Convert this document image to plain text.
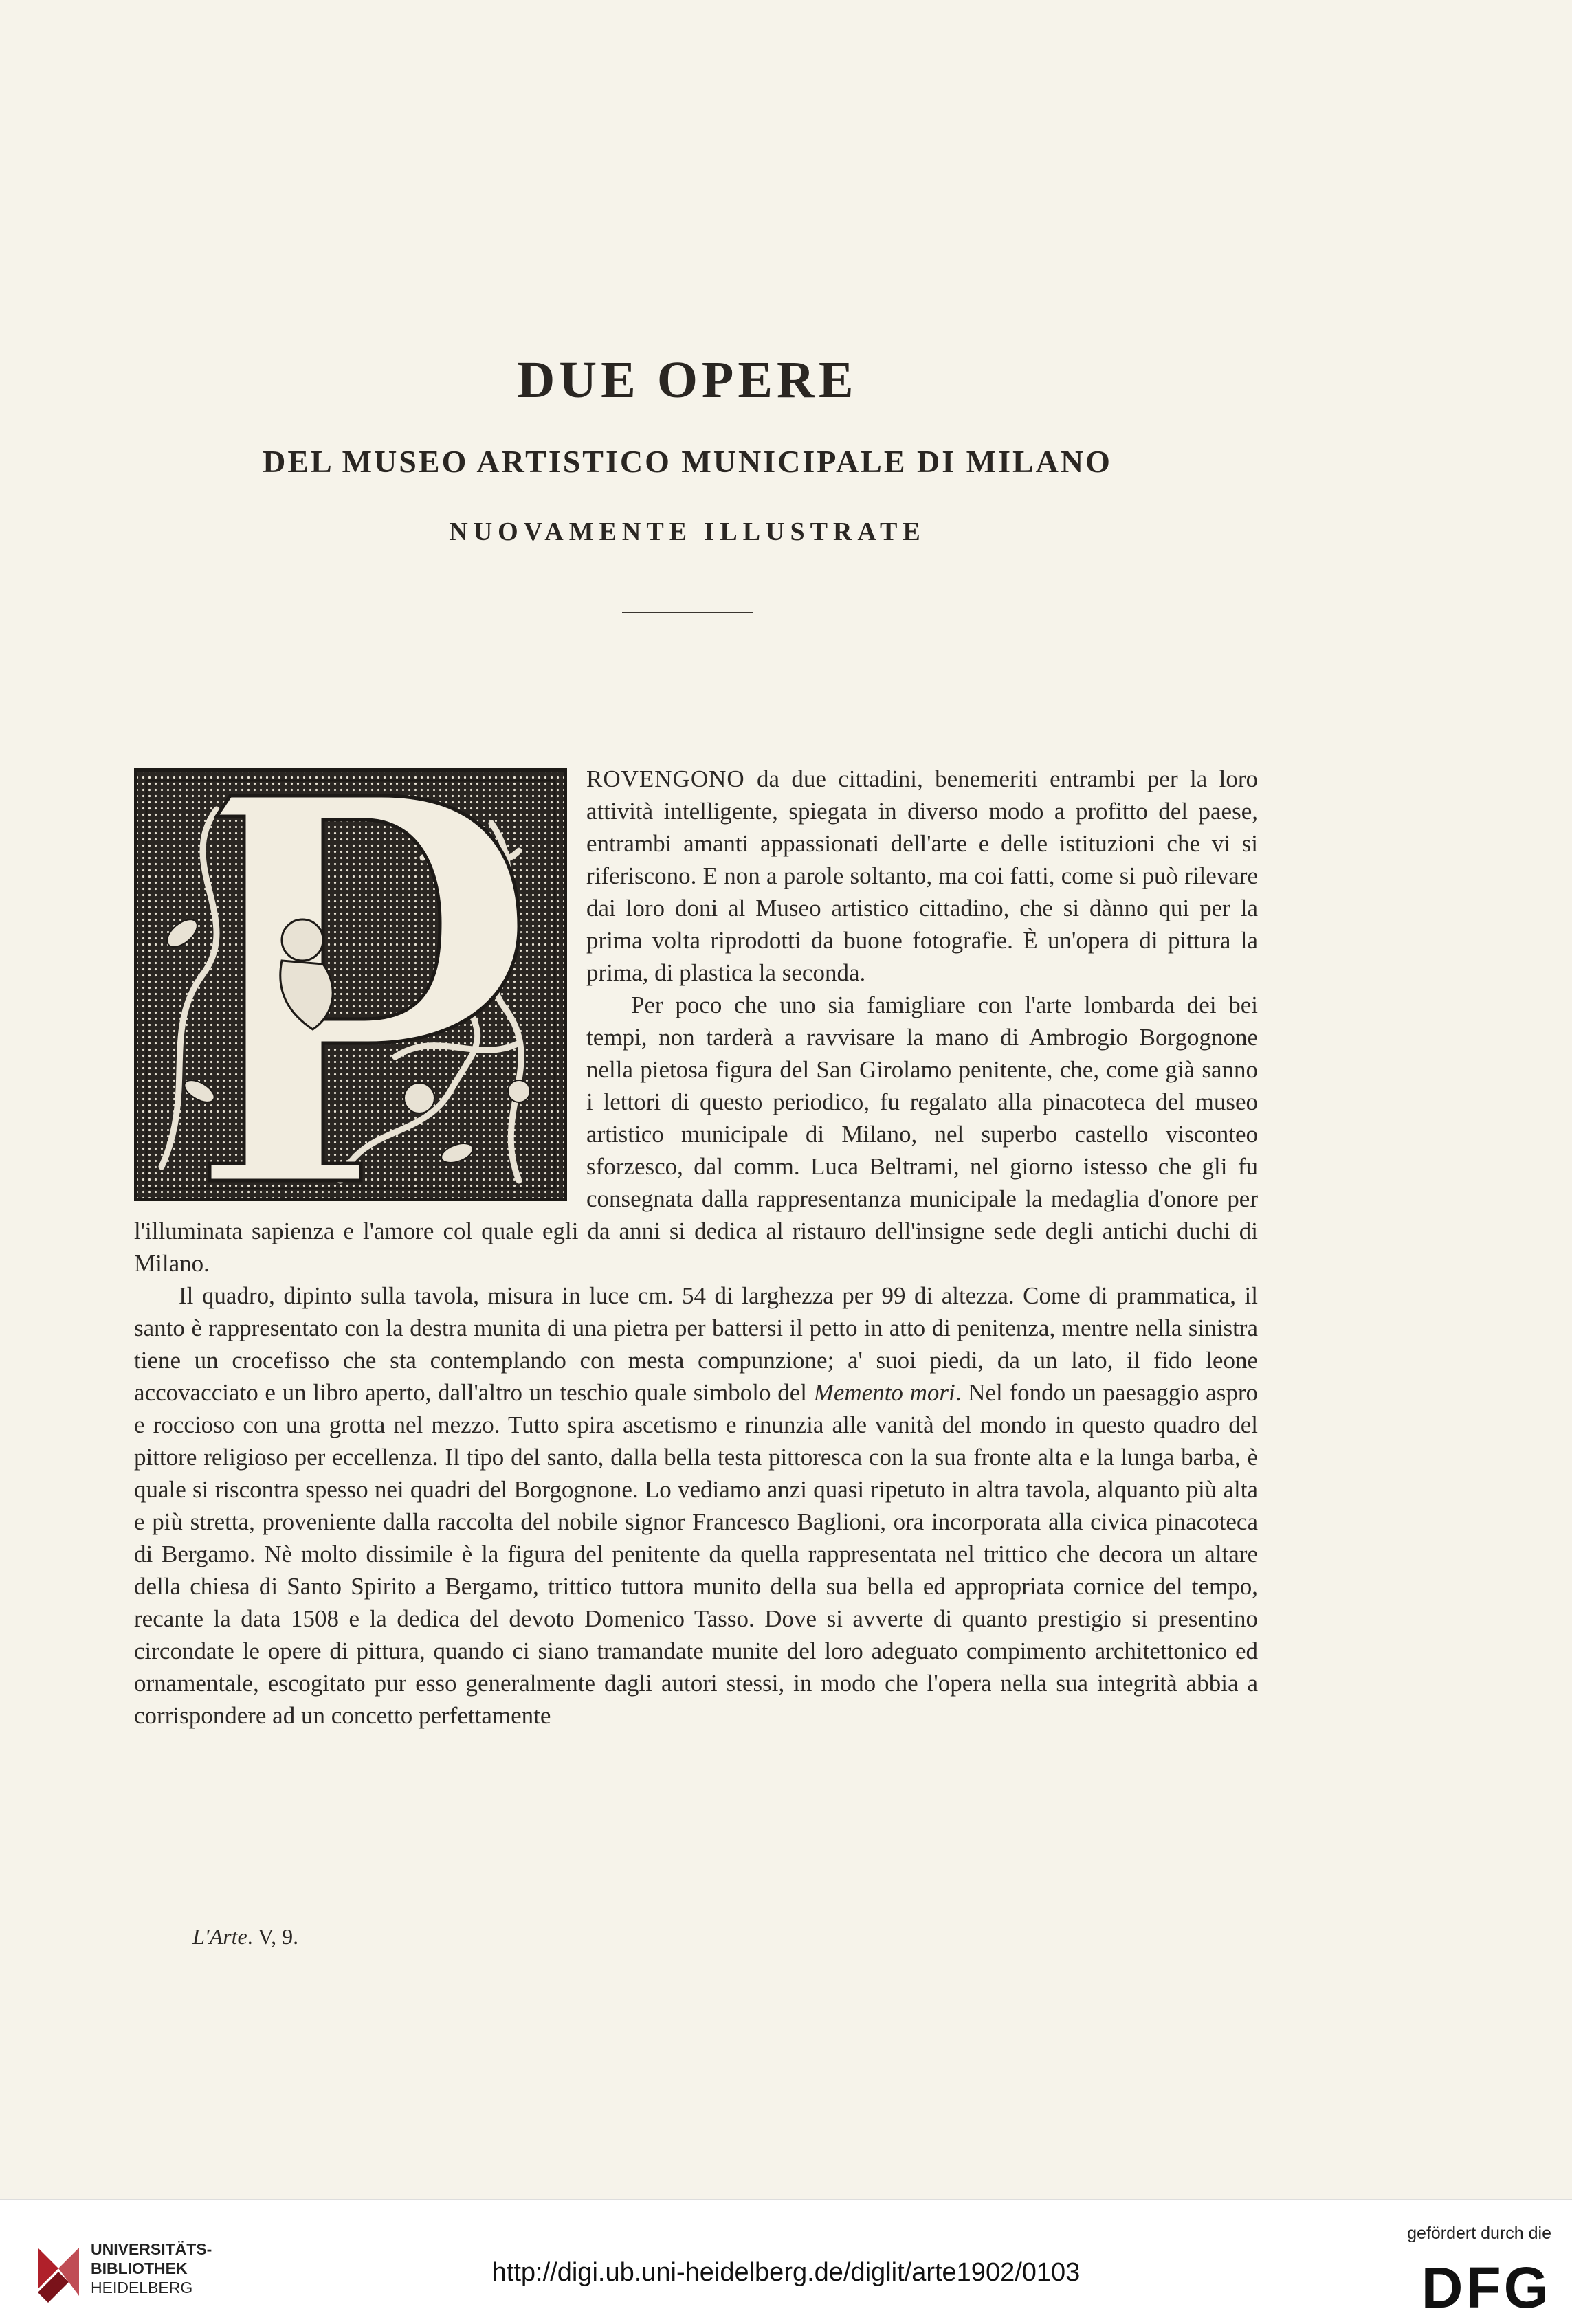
DUE OPERE
DEL MUSEO ARTISTICO MUNICIPALE DI MILANO
NUOVAMENTE ILLUSTRATE

ROVENGONO da due cittadini, benemeriti entrambi per la loro attività intelligente, spiegata in diverso modo a profitto del paese, entrambi amanti appassionati dell'arte e delle istituzioni che vi si riferiscono. E non a parole soltanto, ma coi fatti, come si può rilevare dai loro doni al Museo artistico cittadino, che si dànno qui per la prima volta riprodotti da buone fotografie. È un'opera di pittura la prima, di plastica la seconda.

Per poco che uno sia famigliare con l'arte lombarda dei bei tempi, non tarderà a ravvisare la mano di Ambrogio Borgognone nella pietosa figura del San Girolamo penitente, che, come già sanno i lettori di questo periodico, fu regalato alla pinacoteca del museo artistico municipale di Milano, nel superbo castello visconteo sforzesco, dal comm. Luca Beltrami, nel giorno istesso che gli fu consegnata dalla rappresentanza municipale la medaglia d'onore per l'illuminata sapienza e l'amore col quale egli da anni si dedica al ristauro dell'insigne sede degli antichi duchi di Milano.

Il quadro, dipinto sulla tavola, misura in luce cm. 54 di larghezza per 99 di altezza. Come di prammatica, il santo è rappresentato con la destra munita di una pietra per battersi il petto in atto di penitenza, mentre nella sinistra tiene un crocefisso che sta contemplando con mesta compunzione; a' suoi piedi, da un lato, il fido leone accovacciato e un libro aperto, dall'altro un teschio quale simbolo del Memento mori. Nel fondo un paesaggio aspro e roccioso con una grotta nel mezzo. Tutto spira ascetismo e rinunzia alle vanità del mondo in questo quadro del pittore religioso per eccellenza. Il tipo del santo, dalla bella testa pittoresca con la sua fronte alta e la lunga barba, è quale si riscontra spesso nei quadri del Borgognone. Lo vediamo anzi quasi ripetuto in altra tavola, alquanto più alta e più stretta, proveniente dalla raccolta del nobile signor Francesco Baglioni, ora incorporata alla civica pinacoteca di Bergamo. Nè molto dissimile è la figura del penitente da quella rappresentata nel trittico che decora un altare della chiesa di Santo Spirito a Bergamo, trittico tuttora munito della sua bella ed appropriata cornice del tempo, recante la data 1508 e la dedica del devoto Domenico Tasso. Dove si avverte di quanto prestigio si presentino circondate le opere di pittura, quando ci siano tramandate munite del loro adeguato compimento architettonico ed ornamentale, escogitato pur esso generalmente dagli autori stessi, in modo che l'opera nella sua integrità abbia a corrispondere ad un concetto perfettamente

L'Arte. V, 9.
UNIVERSITÄTS-
BIBLIOTHEK
HEIDELBERG
http://digi.ub.uni-heidelberg.de/diglit/arte1902/0103
gefördert durch die
DFG
